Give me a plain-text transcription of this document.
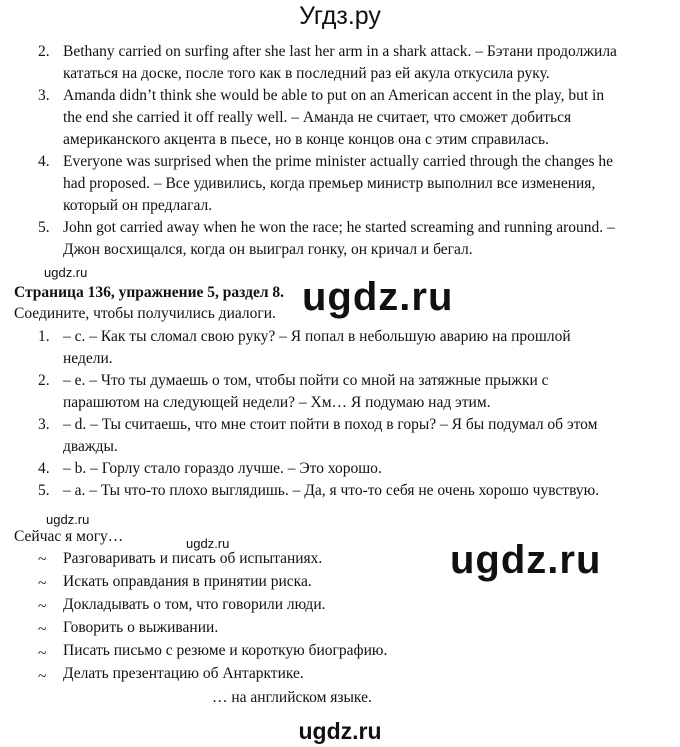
Угдз.ру
2. Bethany carried on surfing after she last her arm in a shark attack. – Бэтани продолжила
кататься на доске, после того как в последний раз ей акула откусила руку.
3. Amanda didn’t think she would be able to put on an American accent in the play, but in
the end she carried it off really well. – Аманда не считает, что сможет добиться
американского акцента в пьесе, но в конце концов она с этим справилась.
4. Everyone was surprised when the prime minister actually carried through the changes he
had proposed. – Все удивились, когда премьер министр выполнил все изменения,
который он предлагал.
5. John got carried away when he won the race; he started screaming and running around. –
Джон восхищался, когда он выиграл гонку, он кричал и бегал.
ugdz.ru
Страница 136, упражнение 5, раздел 8. ugdz.ru
Соедините, чтобы получились диалоги.
1. – c. – Как ты сломал свою руку? – Я попал в небольшую аварию на прошлой
недели.
2. – e. – Что ты думаешь о том, чтобы пойти со мной на затяжные прыжки с
парашютом на следующей недели? – Хм… Я подумаю над этим.
3. – d. – Ты считаешь, что мне стоит пойти в поход в горы? – Я бы подумал об этом
дважды.
4. – b. – Горлу стало гораздо лучше. – Это хорошо.
5. – a. – Ты что-то плохо выглядишь. – Да, я что-то себя не очень хорошо чувствую.
ugdz.ru
Сейчас я могу…	ugdz.ru	ugdz.ru
~ Разговаривать и писать об испытаниях.
~ Искать оправдания в принятии риска.
~ Докладывать о том, что говорили люди.
~ Говорить о выживании.
~ Писать письмо с резюме и короткую биографию.
~ Делать презентацию об Антарктике.
… на английском языке.
ugdz.ru
